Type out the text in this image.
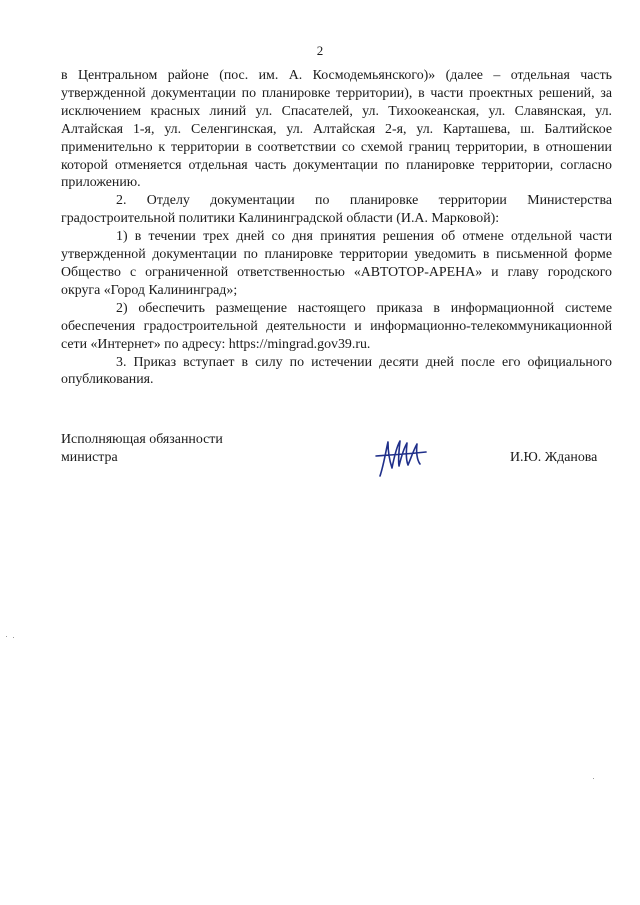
2

в Центральном районе (пос. им. А. Космодемьянского)» (далее – отдельная часть утвержденной документации по планировке территории), в части проектных решений, за исключением красных линий ул. Спасателей, ул. Тихоокеанская, ул. Славянская, ул. Алтайская 1-я, ул. Селенгинская, ул. Алтайская 2-я, ул. Карташева, ш. Балтийское применительно к территории в соответствии со схемой границ территории, в отношении которой отменяется отдельная часть документации по планировке территории, согласно приложению.

2. Отделу документации по планировке территории Министерства градостроительной политики Калининградской области (И.А. Марковой):

1) в течении трех дней со дня принятия решения об отмене отдельной части утвержденной документации по планировке территории уведомить в письменной форме Общество с ограниченной ответственностью «АВТОТОР-АРЕНА» и главу городского округа «Город Калининград»;

2) обеспечить размещение настоящего приказа в информационной системе обеспечения градостроительной деятельности и информационно-телекоммуникационной сети «Интернет» по адресу: https://mingrad.gov39.ru.

3. Приказ вступает в силу по истечении десяти дней после его официального опубликования.

Исполняющая обязанности
министра	И.Ю. Жданова
